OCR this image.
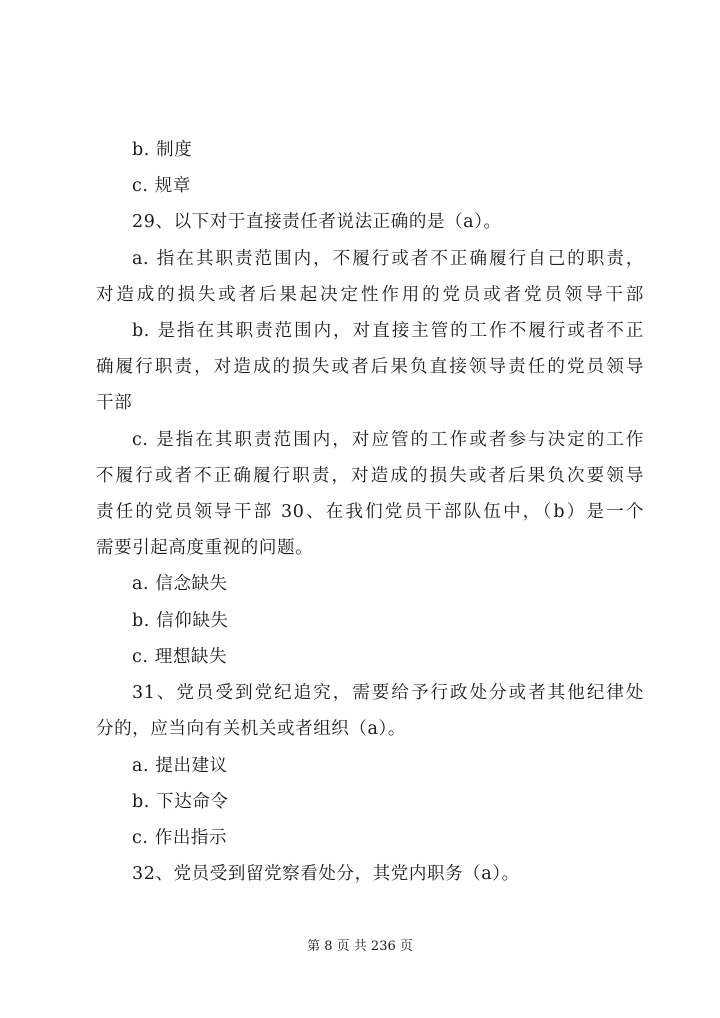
b. 制度
c. 规章
29、以下对于直接责任者说法正确的是（a）。
a. 指在其职责范围内，不履行或者不正确履行自己的职责，
对造成的损失或者后果起决定性作用的党员或者党员领导干部
b. 是指在其职责范围内，对直接主管的工作不履行或者不正
确履行职责，对造成的损失或者后果负直接领导责任的党员领导
干部
c. 是指在其职责范围内，对应管的工作或者参与决定的工作
不履行或者不正确履行职责，对造成的损失或者后果负次要领导
责任的党员领导干部 30、在我们党员干部队伍中，（b）是一个
需要引起高度重视的问题。
a. 信念缺失
b. 信仰缺失
c. 理想缺失
31、党员受到党纪追究，需要给予行政处分或者其他纪律处
分的，应当向有关机关或者组织（a）。
a. 提出建议
b. 下达命令
c. 作出指示
32、党员受到留党察看处分，其党内职务（a）。
第 8 页 共 236 页
